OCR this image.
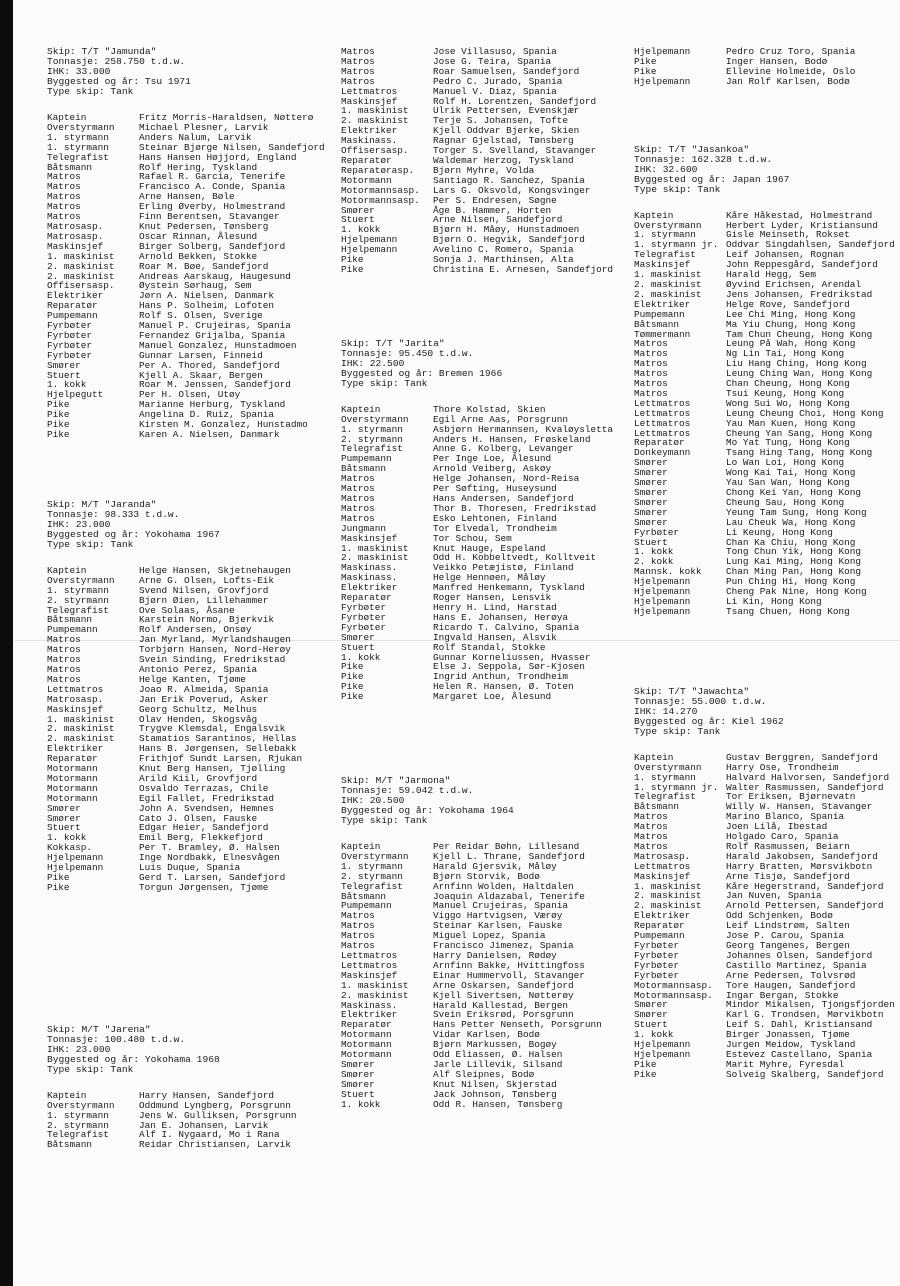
Skip: T/T "Jamunda"
Tonnasje: 258.750 t.d.w.
IHK: 33.000
Byggested og år: Tsu 1971
Type skip: Tank
Kaptein	Fritz Morris-Haraldsen, Nøtterø
Overstyrmann	Michael Plesner, Larvik
1. styrmann	Anders Nalum, Larvik
1. styrmann	Steinar Bjørge Nilsen, Sandefjord
Telegrafist	Hans Hansen Højjord, England
Båtsmann	Rolf Hering, Tyskland
Matros	Rafael R. Garcia, Tenerife
Matros	Francisco A. Conde, Spania
Matros	Arne Hansen, Bøle
Matros	Erling Øverby, Holmestrand
Matros	Finn Berentsen, Stavanger
Matrosasp.	Knut Pedersen, Tønsberg
Matrosasp.	Oscar Rinnan, Ålesund
Maskinsjef	Birger Solberg, Sandefjord
1. maskinist	Arnold Bekken, Stokke
2. maskinist	Roar M. Bøe, Sandefjord
2. maskinist	Andreas Aarskaug, Haugesund
Offisersasp.	Øystein Sørhaug, Sem
Elektriker	Jørn A. Nielsen, Danmark
Reparatør	Hans P. Solheim, Lofoten
Pumpemann	Rolf S. Olsen, Sverige
Fyrbøter	Manuel P. Crujeiras, Spania
Fyrbøter	Fernandez Grijalba, Spania
Fyrbøter	Manuel Gonzalez, Hunstadmoen
Fyrbøter	Gunnar Larsen, Finneid
Smører	Per A. Thored, Sandefjord
Stuert	Kjell A. Skaar, Bergen
1. kokk	Roar M. Jenssen, Sandefjord
Hjelpegutt	Per H. Olsen, Utøy
Pike	Marianne Herburg, Tyskland
Pike	Angelina D. Ruiz, Spania
Pike	Kirsten M. Gonzalez, Hunstadmo
Pike	Karen A. Nielsen, Danmark
Skip: M/T "Jaranda"
Tonnasje: 98.333 t.d.w.
IHK: 23.000
Byggested og år: Yokohama 1967
Type skip: Tank
Kaptein	Helge Hansen, Skjetnehaugen
Overstyrmann	Arne G. Olsen, Lofts-Eik
1. styrmann	Svend Nilsen, Grovfjord
2. styrmann	Bjørn Øien, Lillehammer
Telegrafist	Ove Solaas, Åsane
Båtsmann	Karstein Normo, Bjerkvik
Pumpemann	Rolf Andersen, Onsøy
Matros	Jan Myrland, Myrlandshaugen
Matros	Torbjørn Hansen, Nord-Herøy
Matros	Svein Sinding, Fredrikstad
Matros	Antonio Perez, Spania
Matros	Helge Kanten, Tjøme
Lettmatros	Joao R. Almeida, Spania
Matrosasp.	Jan Erik Poverud, Asker
Maskinsjef	Georg Schultz, Melhus
1. maskinist	Olav Henden, Skogsvåg
2. maskinist	Trygve Klemsdal, Engalsvik
2. maskinist	Stamatios Sarantinos, Hellas
Elektriker	Hans B. Jørgensen, Sellebakk
Reparatør	Frithjof Sundt Larsen, Rjukan
Motormann	Knut Berg Hansen, Tjølling
Motormann	Arild Kiil, Grovfjord
Motormann	Osvaldo Terrazas, Chile
Motormann	Egil Fallet, Fredrikstad
Smører	John A. Svendsen, Hemnes
Smører	Cato J. Olsen, Fauske
Stuert	Edgar Heier, Sandefjord
1. kokk	Emil Berg, Flekkefjord
Kokkasp.	Per T. Bramley, Ø. Halsen
Hjelpemann	Inge Nordbakk, Elnesvågen
Hjelpemann	Luis Duque, Spania
Pike	Gerd T. Larsen, Sandefjord
Pike	Torgun Jørgensen, Tjøme
Skip: M/T "Jarena"
Tonnasje: 100.480 t.d.w.
IHK: 23.000
Byggested og år: Yokohama 1968
Type skip: Tank
Kaptein	Harry Hansen, Sandefjord
Overstyrmann	Oddmund Lyngberg, Porsgrunn
1. styrmann	Jens W. Gulliksen, Porsgrunn
2. styrmann	Jan E. Johansen, Larvik
Telegrafist	Alf I. Nygaard, Mo i Rana
Båtsmann	Reidar Christiansen, Larvik
Matros	Jose Villasuso, Spania
Matros	Jose G. Teira, Spania
Matros	Roar Samuelsen, Sandefjord
Matros	Pedro C. Jurado, Spania
Lettmatros	Manuel V. Diaz, Spania
Maskinsjef	Rolf H. Lorentzen, Sandefjord
1. maskinist	Ulrik Pettersen, Evenskjær
2. maskinist	Terje S. Johansen, Tofte
Elektriker	Kjell Oddvar Bjerke, Skien
Maskinass.	Ragnar Gjelstad, Tønsberg
Offisersasp.	Torger S. Svelland, Stavanger
Reparatør	Waldemar Herzog, Tyskland
Reparatørasp.	Bjørn Myhre, Volda
Motormann	Santiago R. Sanchez, Spania
Motormannsasp.	Lars G. Oksvold, Kongsvinger
Motormannsasp.	Per S. Endresen, Søgne
Smører	Åge B. Hammer, Horten
Stuert	Arne Nilsen, Sandefjord
1. kokk	Bjørn H. Måøy, Hunstadmoen
Hjelpemann	Bjørn O. Hegvik, Sandefjord
Hjelpemann	Avelino C. Romero, Spania
Pike	Sonja J. Marthinsen, Alta
Pike	Christina E. Arnesen, Sandefjord
Skip: T/T "Jarita"
Tonnasje: 95.450 t.d.w.
IHK: 22.500
Byggested og år: Bremen 1966
Type skip: Tank
Kaptein	Thore Kolstad, Skien
Overstyrmann	Egil Arne Aas, Porsgrunn
1. styrmann	Asbjørn Hermannsen, Kvaløysletta
2. styrmann	Anders H. Hansen, Frøskeland
Telegrafist	Anne G. Kolberg, Levanger
Pumpemann	Per Inge Loe, Ålesund
Båtsmann	Arnold Veiberg, Askøy
Matros	Helge Johansen, Nord-Reisa
Matros	Per Søfting, Huseysund
Matros	Hans Andersen, Sandefjord
Matros	Thor B. Thoresen, Fredrikstad
Matros	Esko Lehtonen, Finland
Jungmann	Tor Elvedal, Trondheim
Maskinsjef	Tor Schou, Sem
1. maskinist	Knut Hauge, Espeland
2. maskinist	Odd H. Kobbeltvedt, Kolltveit
Maskinass.	Veikko Petæjistø, Finland
Maskinass.	Helge Hennøen, Måløy
Elektriker	Manfred Henkemann, Tyskland
Reparatør	Roger Hansen, Lensvik
Fyrbøter	Henry H. Lind, Harstad
Fyrbøter	Hans E. Johansen, Herøya
Fyrbøter	Ricardo T. Calvino, Spania
Smører	Ingvald Hansen, Alsvik
Stuert	Rolf Standal, Stokke
1. kokk	Gunnar Korneliussen, Hvasser
Pike	Else J. Seppola, Sør-Kjosen
Pike	Ingrid Anthun, Trondheim
Pike	Helen R. Hansen, Ø. Toten
Pike	Margaret Loe, Ålesund
Skip: M/T "Jarmona"
Tonnasje: 59.042 t.d.w.
IHK: 20.500
Byggested og år: Yokohama 1964
Type skip: Tank
Kaptein	Per Reidar Bøhn, Lillesand
Overstyrmann	Kjell L. Thrane, Sandefjord
1. styrmann	Harald Gjersvik, Måløy
2. styrmann	Bjørn Storvik, Bodø
Telegrafist	Arnfinn Wolden, Haltdalen
Båtsmann	Joaquin Aldazabal, Tenerife
Pumpemann	Manuel Crujeiras, Spania
Matros	Viggo Hartvigsen, Værøy
Matros	Steinar Karlsen, Fauske
Matros	Miguel Lopez, Spania
Matros	Francisco Jimenez, Spania
Lettmatros	Harry Danielsen, Rødøy
Lettmatros	Arnfinn Bakke, Hvittingfoss
Maskinsjef	Einar Hummervoll, Stavanger
1. maskinist	Arne Oskarsen, Sandefjord
2. maskinist	Kjell Sivertsen, Nøtterøy
Maskinass.	Harald Kallestad, Bergen
Elektriker	Svein Eriksrød, Porsgrunn
Reparatør	Hans Petter Nenseth, Porsgrunn
Motormann	Vidar Karlsen, Bodø
Motormann	Bjørn Markussen, Bogøy
Motormann	Odd Eliassen, Ø. Halsen
Smører	Jarle Lillevik, Silsand
Smører	Alf Sleipnes, Bodø
Smører	Knut Nilsen, Skjerstad
Stuert	Jack Johnson, Tønsberg
1. kokk	Odd R. Hansen, Tønsberg
Hjelpemann	Pedro Cruz Toro, Spania
Pike	Inger Hansen, Bodø
Pike	Ellevine Holmeide, Oslo
Hjelpemann	Jan Rolf Karlsen, Bodø
Skip: T/T "Jasankoa"
Tonnasje: 162.328 t.d.w.
IHK: 32.600
Byggested og år: Japan 1967
Type skip: Tank
Kaptein	Kåre Håkestad, Holmestrand
Overstyrmann	Herbert Lyder, Kristiansund
1. styrmann	Gisle Meinseth, Rokset
1. styrmann jr. Oddvar Singdahlsen, Sandefjord
Telegrafist	Leif Johansen, Rognan
Maskinsjef	John Reppesgård, Sandefjord
1. maskinist	Harald Hegg, Sem
2. maskinist	Øyvind Erichsen, Arendal
2. maskinist	Jens Johansen, Fredrikstad
Elektriker	Helge Rove, Sandefjord
Pumpemann	Lee Chi Ming, Hong Kong
Båtsmann	Ma Yiu Chung, Hong Kong
Tømmermann	Tam Chun Cheung, Hong Kong
Matros	Leung På Wah, Hong Kong
Matros	Ng Lin Tai, Hong Kong
Matros	Liu Hang Ching, Hong Kong
Matros	Leung Ching Wan, Hong Kong
Matros	Chan Cheung, Hong Kong
Matros	Tsui Keung, Hong Kong
Lettmatros	Wong Sui Wo, Hong Kong
Lettmatros	Leung Cheung Choi, Hong Kong
Lettmatros	Yau Man Kuen, Hong Kong
Lettmatros	Cheung Yan Sang, Hong Kong
Reparatør	Mo Yat Tung, Hong Kong
Donkeymann	Tsang Hing Tang, Hong Kong
Smører	Lo Wan Loi, Hong Kong
Smører	Wong Kai Tai, Hong Kong
Smører	Yau San Wan, Hong Kong
Smører	Chong Kei Yan, Hong Kong
Smører	Cheung Sau, Hong Kong
Smører	Yeung Tam Sung, Hong Kong
Smører	Lau Cheuk Wa, Hong Kong
Fyrbøter	Li Keung, Hong Kong
Stuert	Chan Ka Chiu, Hong Kong
1. kokk	Tong Chun Yik, Hong Kong
2. kokk	Lung Kai Ming, Hong Kong
Mannsk. kokk	Chan Ming Pan, Hong Kong
Hjelpemann	Pun Ching Hi, Hong Kong
Hjelpemann	Cheng Pak Nine, Hong Kong
Hjelpemann	Li Kin, Hong Kong
Hjelpemann	Tsang Chuen, Hong Kong
Skip: T/T "Jawachta"
Tonnasje: 55.000 t.d.w.
IHK: 14.270
Byggested og år: Kiel 1962
Type skip: Tank
Kaptein	Gustav Berggren, Sandefjord
Overstyrmann	Harry Ose, Trondheim
1. styrmann	Halvard Halvorsen, Sandefjord
1. styrmann jr. Walter Rasmussen, Sandefjord
Telegrafist	Tor Eriksen, Bjørnevatn
Båtsmann	Willy W. Hansen, Stavanger
Matros	Marino Blanco, Spania
Matros	Joen Lilå, Ibestad
Matros	Holgado Caro, Spania
Matros	Rolf Rasmussen, Beiarn
Matrosasp.	Harald Jakobsen, Sandefjord
Lettmatros	Harry Bratten, Mørsvikbotn
Maskinsjef	Arne Tisjø, Sandefjord
1. maskinist	Kåre Hegerstrand, Sandefjord
2. maskinist	Jan Nuven, Spania
2. maskinist	Arnold Pettersen, Sandefjord
Elektriker	Odd Schjenken, Bodø
Reparatør	Leif Lindstrøm, Salten
Pumpemann	Jose P. Carou, Spania
Fyrbøter	Georg Tangenes, Bergen
Fyrbøter	Johannes Olsen, Sandefjord
Fyrbøter	Castillo Martinez, Spania
Fyrbøter	Arne Pedersen, Tolvsrød
Motormannsasp.	Tore Haugen, Sandefjord
Motormannsasp.	Ingar Bergan, Stokke
Smører	Mindor Mikalsen, Tjongsfjorden
Smører	Karl G. Trondsen, Mørvikbotn
Stuert	Leif S. Dahl, Kristiansand
1. kokk	Birger Jonassen, Tjøme
Hjelpemann	Jurgen Meidow, Tyskland
Hjelpemann	Estevez Castellano, Spania
Pike	Marit Myhre, Fyresdal
Pike	Solveig Skalberg, Sandefjord
